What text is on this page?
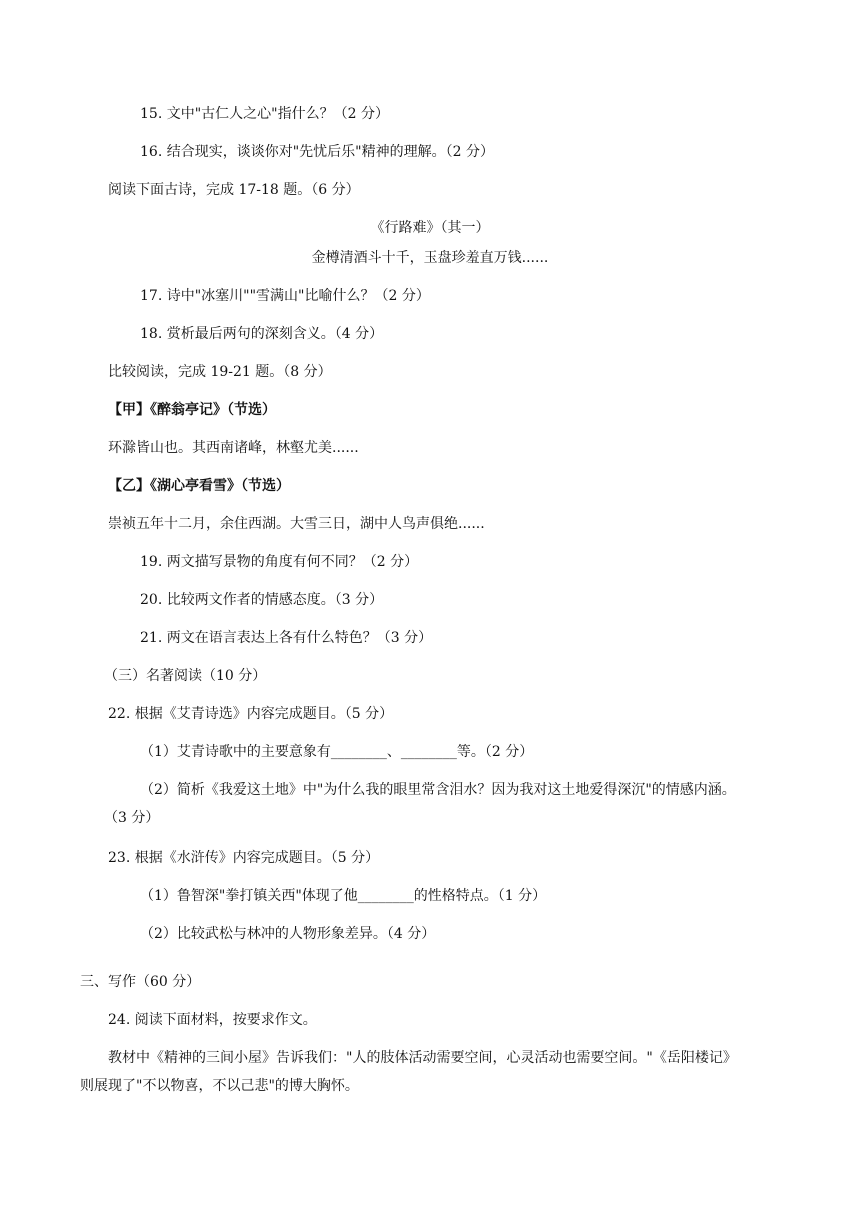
15. 文中"古仁人之心"指什么？（2 分）
16. 结合现实，谈谈你对"先忧后乐"精神的理解。（2 分）
阅读下面古诗，完成 17-18 题。（6 分）
《行路难》（其一）
金樽清酒斗十千，玉盘珍羞直万钱......
17. 诗中"冰塞川""雪满山"比喻什么？（2 分）
18. 赏析最后两句的深刻含义。（4 分）
比较阅读，完成 19-21 题。（8 分）
【甲】《醉翁亭记》（节选）
环滁皆山也。其西南诸峰，林壑尤美......
【乙】《湖心亭看雪》（节选）
崇祯五年十二月，余住西湖。大雪三日，湖中人鸟声俱绝......
19. 两文描写景物的角度有何不同？（2 分）
20. 比较两文作者的情感态度。（3 分）
21. 两文在语言表达上各有什么特色？（3 分）
（三）名著阅读（10 分）
22. 根据《艾青诗选》内容完成题目。（5 分）
（1）艾青诗歌中的主要意象有________、________等。（2 分）
（2）简析《我爱这土地》中"为什么我的眼里常含泪水？因为我对这土地爱得深沉"的情感内涵。
（3 分）
23. 根据《水浒传》内容完成题目。（5 分）
（1）鲁智深"拳打镇关西"体现了他________的性格特点。（1 分）
（2）比较武松与林冲的人物形象差异。（4 分）
三、写作（60 分）
24. 阅读下面材料，按要求作文。
教材中《精神的三间小屋》告诉我们："人的肢体活动需要空间，心灵活动也需要空间。"《岳阳楼记》
则展现了"不以物喜，不以己悲"的博大胸怀。
